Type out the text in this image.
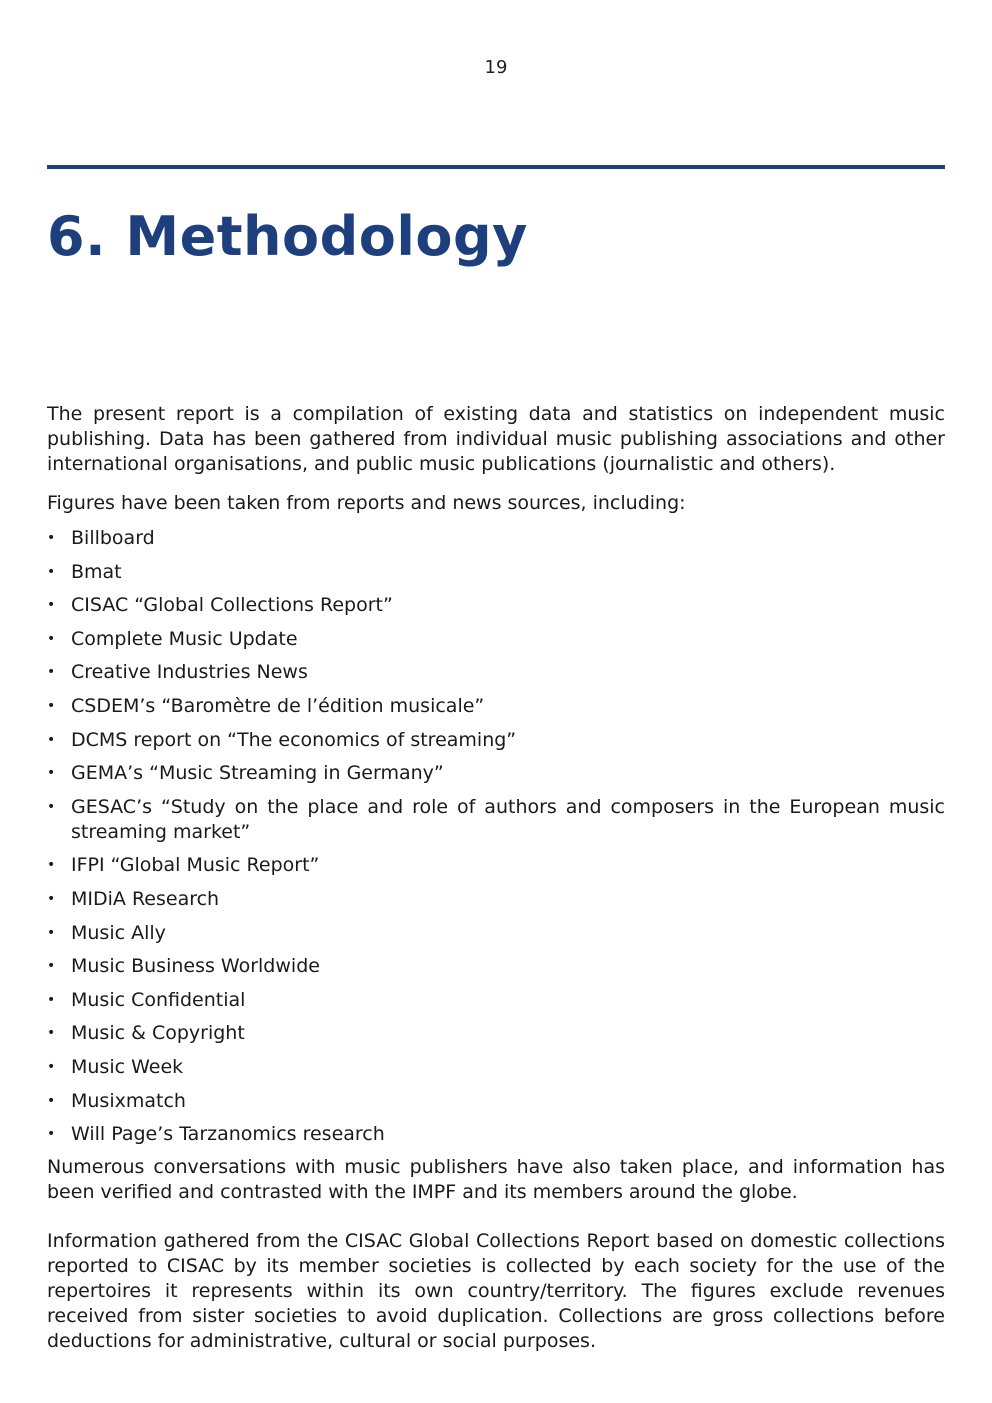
19
6. Methodology

The present report is a compilation of existing data and statistics on independent music publishing. Data has been gathered from individual music publishing associations and other international organisations, and public music publications (journalistic and others).

Figures have been taken from reports and news sources, including:

• Billboard
• Bmat
• CISAC “Global Collections Report”
• Complete Music Update
• Creative Industries News
• CSDEM’s “Baromètre de l’édition musicale”
• DCMS report on “The economics of streaming”
• GEMA’s “Music Streaming in Germany”
• GESAC’s “Study on the place and role of authors and composers in the European music streaming market”
• IFPI “Global Music Report”
• MIDiA Research
• Music Ally
• Music Business Worldwide
• Music Confidential
• Music & Copyright
• Music Week
• Musixmatch
• Will Page’s Tarzanomics research

Numerous conversations with music publishers have also taken place, and information has been verified and contrasted with the IMPF and its members around the globe.

Information gathered from the CISAC Global Collections Report based on domestic collections reported to CISAC by its member societies is collected by each society for the use of the repertoires it represents within its own country/territory. The figures exclude revenues received from sister societies to avoid duplication. Collections are gross collections before deductions for administrative, cultural or social purposes.
